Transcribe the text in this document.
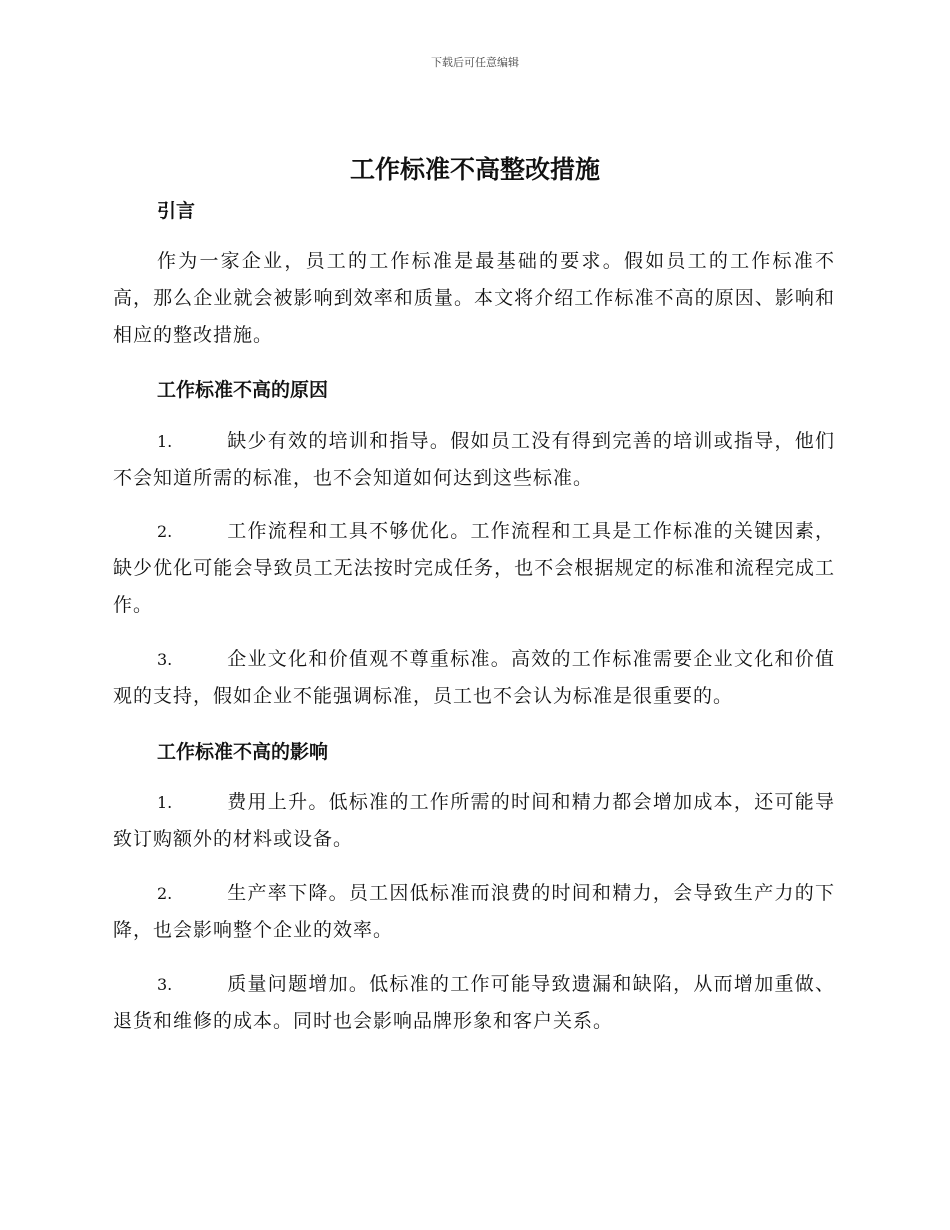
下载后可任意编辑
工作标准不高整改措施
引言

作为一家企业，员工的工作标准是最基础的要求。假如员工的工作标准不高，那么企业就会被影响到效率和质量。本文将介绍工作标准不高的原因、影响和相应的整改措施。

工作标准不高的原因

1.	缺少有效的培训和指导。假如员工没有得到完善的培训或指导，他们不会知道所需的标准，也不会知道如何达到这些标准。

2.	工作流程和工具不够优化。工作流程和工具是工作标准的关键因素，缺少优化可能会导致员工无法按时完成任务，也不会根据规定的标准和流程完成工作。

3.	企业文化和价值观不尊重标准。高效的工作标准需要企业文化和价值观的支持，假如企业不能强调标准，员工也不会认为标准是很重要的。

工作标准不高的影响

1.	费用上升。低标准的工作所需的时间和精力都会增加成本，还可能导致订购额外的材料或设备。

2.	生产率下降。员工因低标准而浪费的时间和精力，会导致生产力的下降，也会影响整个企业的效率。

3.	质量问题增加。低标准的工作可能导致遗漏和缺陷，从而增加重做、退货和维修的成本。同时也会影响品牌形象和客户关系。
